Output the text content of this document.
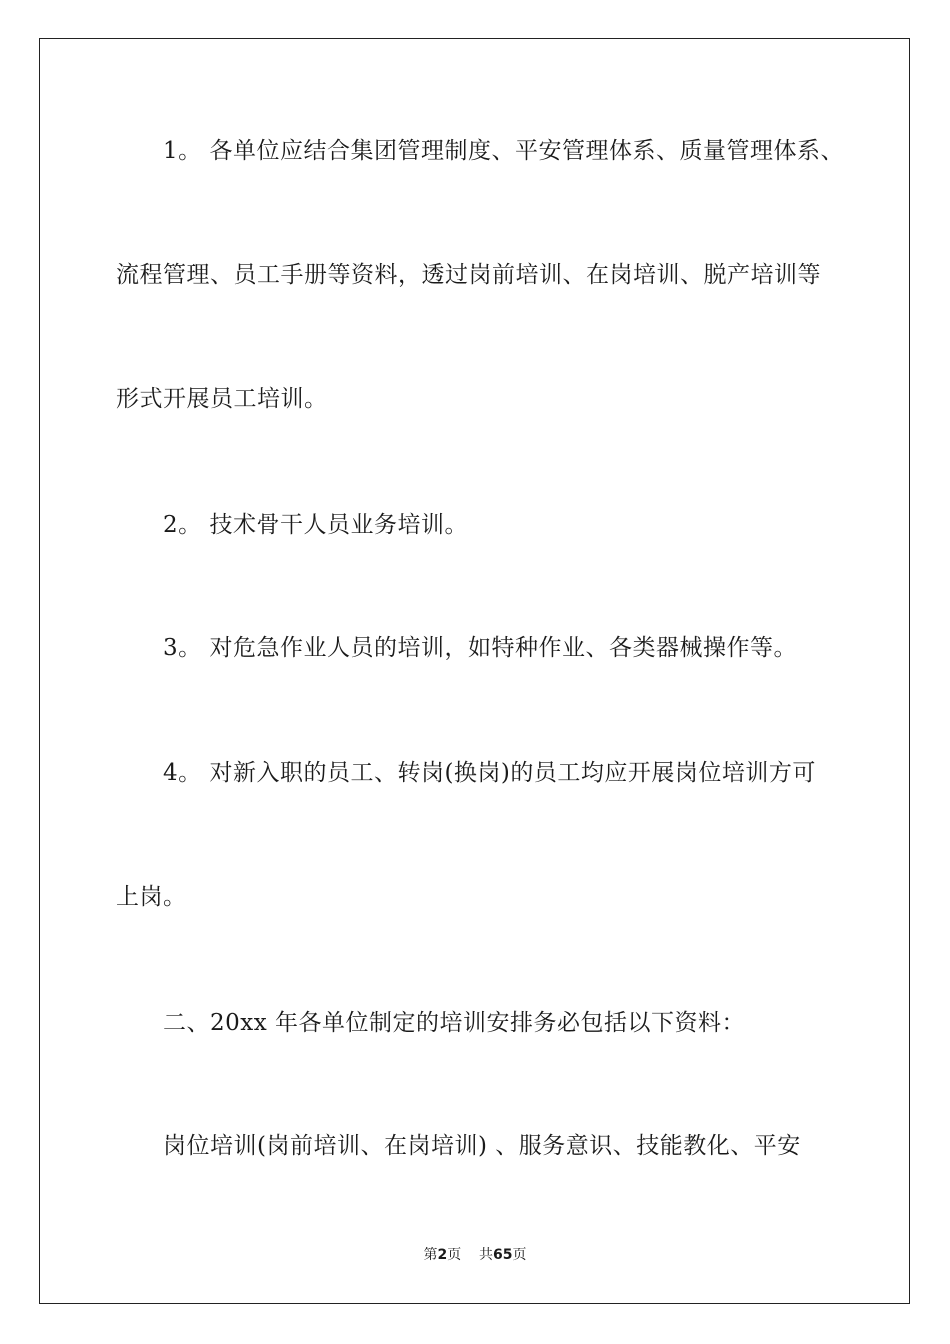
1。 各单位应结合集团管理制度、平安管理体系、质量管理体系、
流程管理、员工手册等资料，透过岗前培训、在岗培训、脱产培训等
形式开展员工培训。
2。 技术骨干人员业务培训。
3。 对危急作业人员的培训，如特种作业、各类器械操作等。
4。 对新入职的员工、转岗(换岗)的员工均应开展岗位培训方可
上岗。
二、20xx 年各单位制定的培训安排务必包括以下资料：
岗位培训(岗前培训、在岗培训) 、服务意识、技能教化、平安
第2页 共65页
